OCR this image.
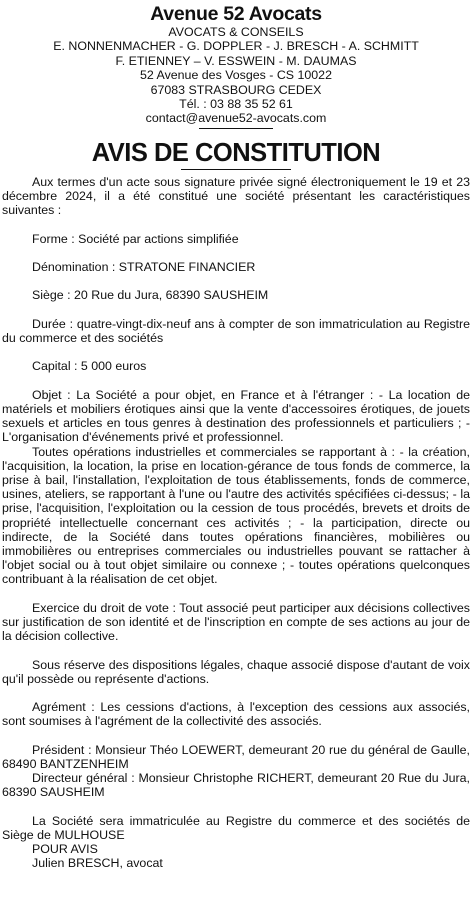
Avenue 52 Avocats
AVOCATS & CONSEILS
E. NONNENMACHER - G. DOPPLER - J. BRESCH - A. SCHMITT
F. ETIENNEY – V. ESSWEIN - M. DAUMAS
52 Avenue des Vosges - CS 10022
67083 STRASBOURG CEDEX
Tél. : 03 88 35 52 61
contact@avenue52-avocats.com
AVIS DE CONSTITUTION

Aux termes d'un acte sous signature privée signé électroniquement le 19 et 23 décembre 2024, il a été constitué une société présentant les caractéristiques suivantes :

Forme : Société par actions simplifiée

Dénomination : STRATONE FINANCIER

Siège : 20 Rue du Jura, 68390 SAUSHEIM

Durée : quatre-vingt-dix-neuf ans à compter de son immatriculation au Registre du commerce et des sociétés

Capital : 5 000 euros

Objet : La Société a pour objet, en France et à l'étranger : - La location de matériels et mobiliers érotiques ainsi que la vente d'accessoires érotiques, de jouets sexuels et articles en tous genres à destination des professionnels et particuliers ; - L'organisation d'événements privé et professionnel.

Toutes opérations industrielles et commerciales se rapportant à : - la création, l'acquisition, la location, la prise en location-gérance de tous fonds de commerce, la prise à bail, l'installation, l'exploitation de tous établissements, fonds de commerce, usines, ateliers, se rapportant à l'une ou l'autre des activités spécifiées ci-dessus; - la prise, l'acquisition, l'exploitation ou la cession de tous procédés, brevets et droits de propriété intellectuelle concernant ces activités ; - la participation, directe ou indirecte, de la Société dans toutes opérations financières, mobilières ou immobilières ou entreprises commerciales ou industrielles pouvant se rattacher à l'objet social ou à tout objet similaire ou connexe ; - toutes opérations quelconques contribuant à la réalisation de cet objet.

Exercice du droit de vote : Tout associé peut participer aux décisions collectives sur justification de son identité et de l'inscription en compte de ses actions au jour de la décision collective.

Sous réserve des dispositions légales, chaque associé dispose d'autant de voix qu'il possède ou représente d'actions.

Agrément : Les cessions d'actions, à l'exception des cessions aux associés, sont soumises à l'agrément de la collectivité des associés.

Président : Monsieur Théo LOEWERT, demeurant 20 rue du général de Gaulle, 68490 BANTZENHEIM

Directeur général : Monsieur Christophe RICHERT, demeurant 20 Rue du Jura, 68390 SAUSHEIM

La Société sera immatriculée au Registre du commerce et des sociétés de Siège de MULHOUSE

POUR AVIS

Julien BRESCH, avocat
